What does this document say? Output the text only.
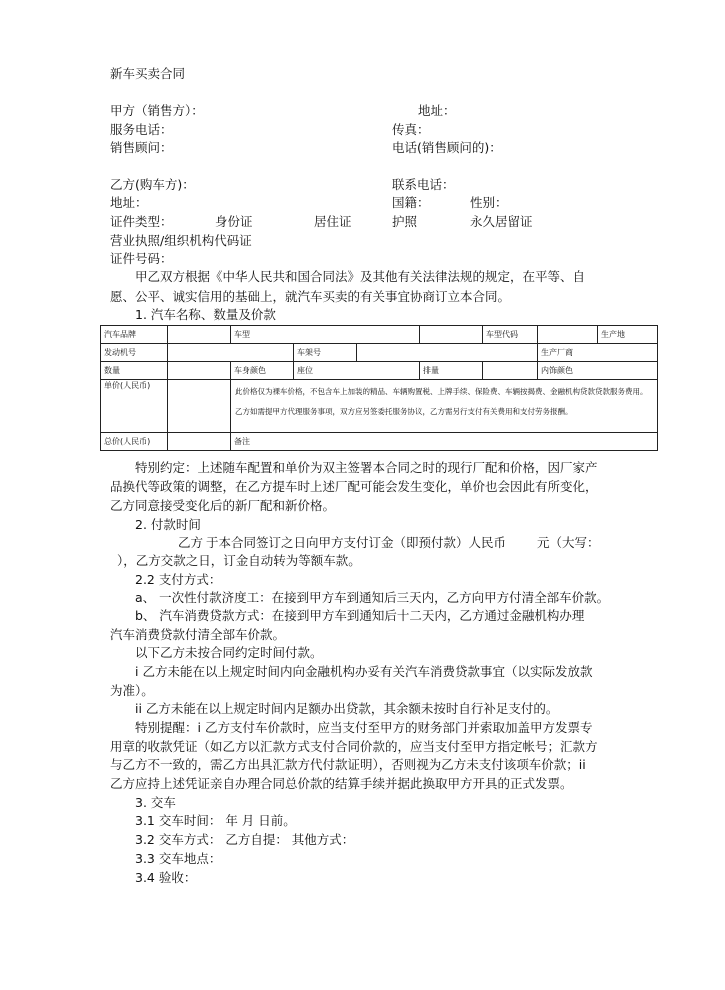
新车买卖合同
甲方（销售方）：	地址：
服务电话：	传真：
销售顾问：	电话(销售顾问的)：
乙方(购车方)：	联系电话：
地址：	国籍：	性别：
证件类型：	身份证	居住证	护照	永久居留证
营业执照/组织机构代码证
证件号码：
甲乙双方根据《中华人民共和国合同法》及其他有关法律法规的规定，在平等、自
愿、公平、诚实信用的基础上，就汽车买卖的有关事宜协商订立本合同。
1. 汽车名称、数量及价款
汽车品牌		车型				车型代码		生产地
发动机号			车架号				生产厂商	
数量		车身颜色	座位		排量		内饰颜色	
单价(人民币)		此价格仅为裸车价格，不包含车上加装的精品、车辆购置税、上牌手续、保险费、车辆按揭费、金融机构贷款贷款服务费用。乙方如需提甲方代理服务事项，双方应另签委托服务协议，乙方需另行支付有关费用和支付劳务报酬。						
总价(人民币)		备注						
特别约定：上述随车配置和单价为双主签署本合同之时的现行厂配和价格，因厂家产
品换代等政策的调整，在乙方提车时上述厂配可能会发生变化，单价也会因此有所变化，
乙方同意接受变化后的新厂配和新价格。
2. 付款时间
乙方 于本合同签订之日向甲方支付订金（即预付款）人民币 元（大写：
），乙方交款之日，订金自动转为等额车款。
2.2 支付方式：
a、 一次性付款济度工：在接到甲方车到通知后三天内，乙方向甲方付清全部车价款。
b、 汽车消费贷款方式：在接到甲方车到通知后十二天内，乙方通过金融机构办理
汽车消费贷款付清全部车价款。
以下乙方未按合同约定时间付款。
i 乙方未能在以上规定时间内向金融机构办妥有关汽车消费贷款事宜（以实际发放款
为准）。
ii 乙方未能在以上规定时间内足额办出贷款，其余额未按时自行补足支付的。
特别提醒：i 乙方支付车价款时，应当支付至甲方的财务部门并索取加盖甲方发票专
用章的收款凭证（如乙方以汇款方式支付合同价款的，应当支付至甲方指定帐号；汇款方
与乙方不一致的，需乙方出具汇款方代付款证明），否则视为乙方未支付该项车价款；ii
乙方应持上述凭证亲自办理合同总价款的结算手续并据此换取甲方开具的正式发票。
3. 交车
3.1 交车时间： 年 月 日前。
3.2 交车方式： 乙方自提： 其他方式：
3.3 交车地点：
3.4 验收：
